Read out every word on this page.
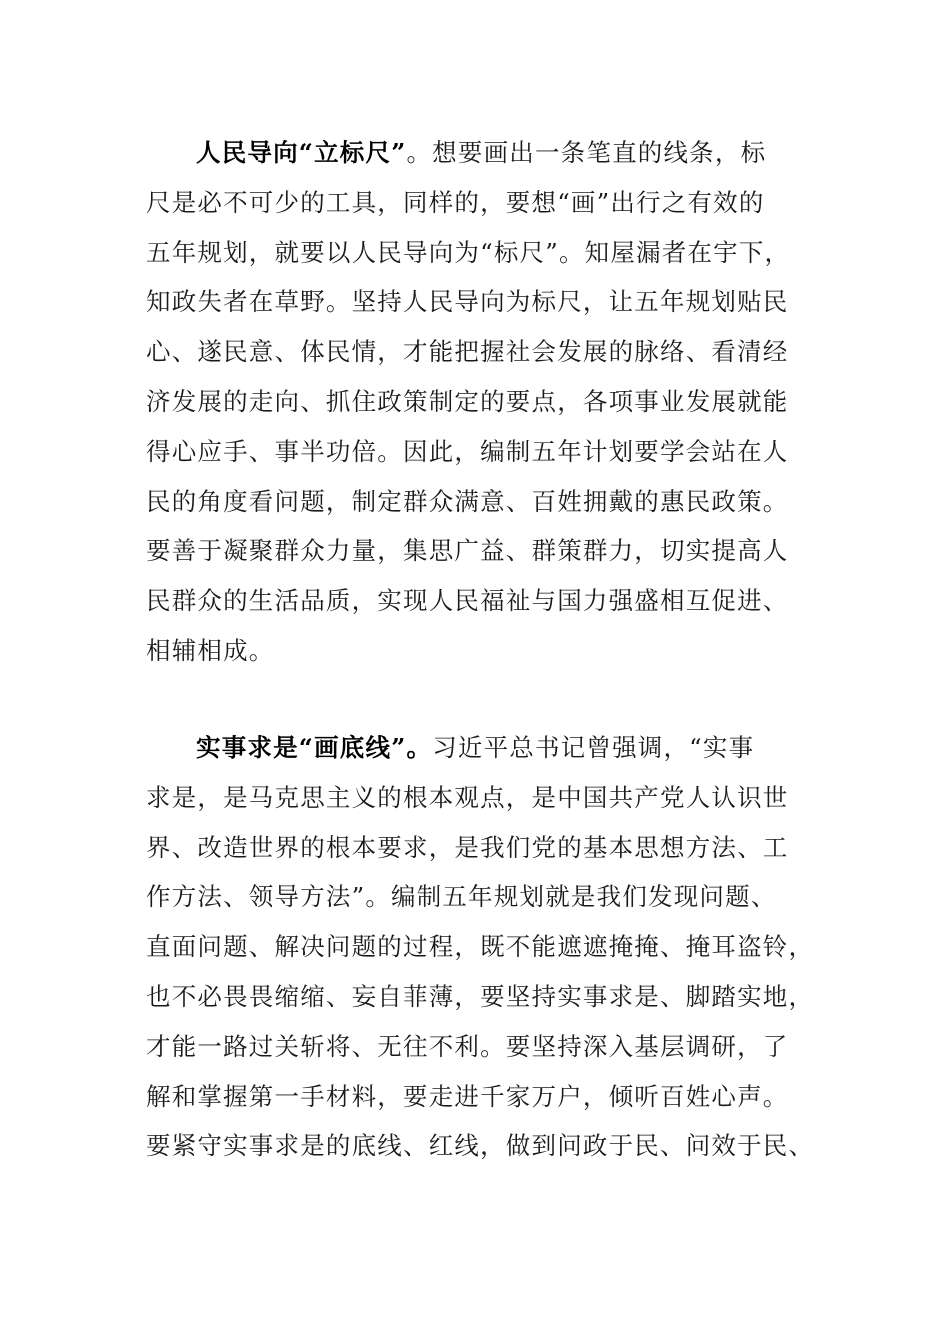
人民导向“立标尺”。想要画出一条笔直的线条，标
尺是必不可少的工具，同样的，要想“画”出行之有效的
五年规划，就要以人民导向为“标尺”。知屋漏者在宇下，
知政失者在草野。坚持人民导向为标尺，让五年规划贴民
心、遂民意、体民情，才能把握社会发展的脉络、看清经
济发展的走向、抓住政策制定的要点，各项事业发展就能
得心应手、事半功倍。因此，编制五年计划要学会站在人
民的角度看问题，制定群众满意、百姓拥戴的惠民政策。
要善于凝聚群众力量，集思广益、群策群力，切实提高人
民群众的生活品质，实现人民福祉与国力强盛相互促进、
相辅相成。

实事求是“画底线”。习近平总书记曾强调，“实事
求是，是马克思主义的根本观点，是中国共产党人认识世
界、改造世界的根本要求，是我们党的基本思想方法、工
作方法、领导方法”。编制五年规划就是我们发现问题、
直面问题、解决问题的过程，既不能遮遮掩掩、掩耳盗铃，
也不必畏畏缩缩、妄自菲薄，要坚持实事求是、脚踏实地，
才能一路过关斩将、无往不利。要坚持深入基层调研，了
解和掌握第一手材料，要走进千家万户，倾听百姓心声。
要紧守实事求是的底线、红线，做到问政于民、问效于民、
